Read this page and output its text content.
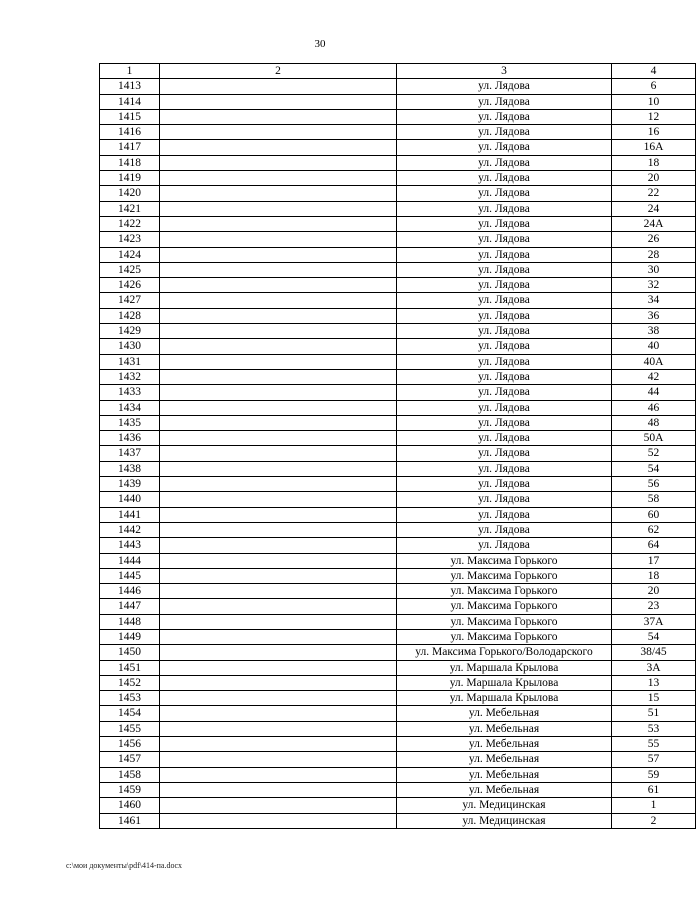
30
1	2	3	4
1413		ул. Лядова	6
1414		ул. Лядова	10
1415		ул. Лядова	12
1416		ул. Лядова	16
1417		ул. Лядова	16А
1418		ул. Лядова	18
1419		ул. Лядова	20
1420		ул. Лядова	22
1421		ул. Лядова	24
1422		ул. Лядова	24А
1423		ул. Лядова	26
1424		ул. Лядова	28
1425		ул. Лядова	30
1426		ул. Лядова	32
1427		ул. Лядова	34
1428		ул. Лядова	36
1429		ул. Лядова	38
1430		ул. Лядова	40
1431		ул. Лядова	40А
1432		ул. Лядова	42
1433		ул. Лядова	44
1434		ул. Лядова	46
1435		ул. Лядова	48
1436		ул. Лядова	50А
1437		ул. Лядова	52
1438		ул. Лядова	54
1439		ул. Лядова	56
1440		ул. Лядова	58
1441		ул. Лядова	60
1442		ул. Лядова	62
1443		ул. Лядова	64
1444		ул. Максима Горького	17
1445		ул. Максима Горького	18
1446		ул. Максима Горького	20
1447		ул. Максима Горького	23
1448		ул. Максима Горького	37А
1449		ул. Максима Горького	54
1450		ул. Максима Горького/Володарского	38/45
1451		ул. Маршала Крылова	3А
1452		ул. Маршала Крылова	13
1453		ул. Маршала Крылова	15
1454		ул. Мебельная	51
1455		ул. Мебельная	53
1456		ул. Мебельная	55
1457		ул. Мебельная	57
1458		ул. Мебельная	59
1459		ул. Мебельная	61
1460		ул. Медицинская	1
1461		ул. Медицинская	2
c:\мои документы\pdf\414-па.docx
